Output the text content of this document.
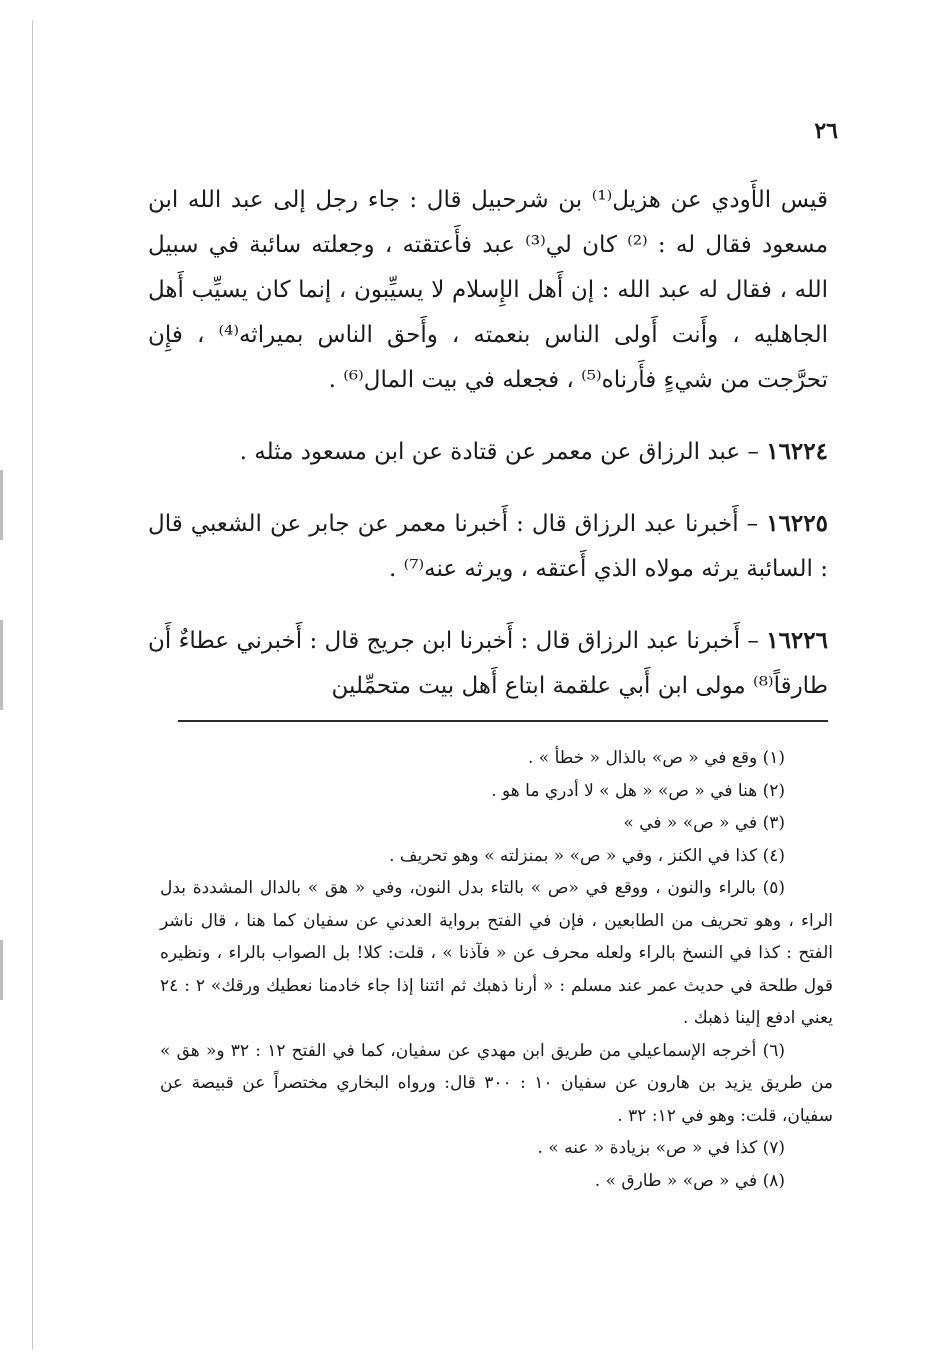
٢٦

قيس الأَودي عن هزيل⁽¹⁾ بن شرحبيل قال : جاء رجل إلى عبد الله ابن مسعود فقال له : ⁽²⁾ كان لي⁽³⁾ عبد فأَعتقته ، وجعلته سائبة في سبيل الله ، فقال له عبد الله : إن أَهل الإِسلام لا يسيِّبون ، إنما كان يسيِّب أَهل الجاهليه ، وأَنت أَولى الناس بنعمته ، وأَحق الناس بميراثه⁽⁴⁾ ، فإِن تحرَّجت من شيءٍ فأَرناه⁽⁵⁾ ، فجعله في بيت المال⁽⁶⁾ .

١٦٢٢٤ – عبد الرزاق عن معمر عن قتادة عن ابن مسعود مثله .

١٦٢٢٥ – أَخبرنا عبد الرزاق قال : أَخبرنا معمر عن جابر عن الشعبي قال : السائبة يرثه مولاه الذي أَعتقه ، ويرثه عنه⁽⁷⁾ .

١٦٢٢٦ – أَخبرنا عبد الرزاق قال : أَخبرنا ابن جريج قال : أَخبرني عطاءٌ أَن طارقاً⁽⁸⁾ مولى ابن أَبي علقمة ابتاع أَهل بيت متحمِّلين

(١) وقع في « ص» بالذال « خطأ » .

(٢) هنا في « ص» « هل » لا أدري ما هو .

(٣) في « ص» « في »

(٤) كذا في الكنز ، وفي « ص» « بمنزلته » وهو تحريف .

(٥) بالراء والنون ، ووقع في «ص » بالتاء بدل النون، وفي « هق » بالدال المشددة بدل الراء ، وهو تحريف من الطابعين ، فإن في الفتح برواية العدني عن سفيان كما هنا ، قال ناشر الفتح : كذا في النسخ بالراء ولعله محرف عن « فآذنا » ، قلت: كلا! بل الصواب بالراء ، ونظيره قول طلحة في حديث عمر عند مسلم : « أرنا ذهبك ثم ائتنا إذا جاء خادمنا نعطيك ورقك» ٢ : ٢٤ يعني ادفع إلينا ذهبك .

(٦) أخرجه الإسماعيلي من طريق ابن مهدي عن سفيان، كما في الفتح ١٢ : ٣٢ و« هق » من طريق يزيد بن هارون عن سفيان ١٠ : ٣٠٠ قال: ورواه البخاري مختصراً عن قبيصة عن سفيان، قلت: وهو في ١٢: ٣٢ .

(٧) كذا في « ص» بزيادة « عنه » .

(٨) في « ص» « طارق » .
